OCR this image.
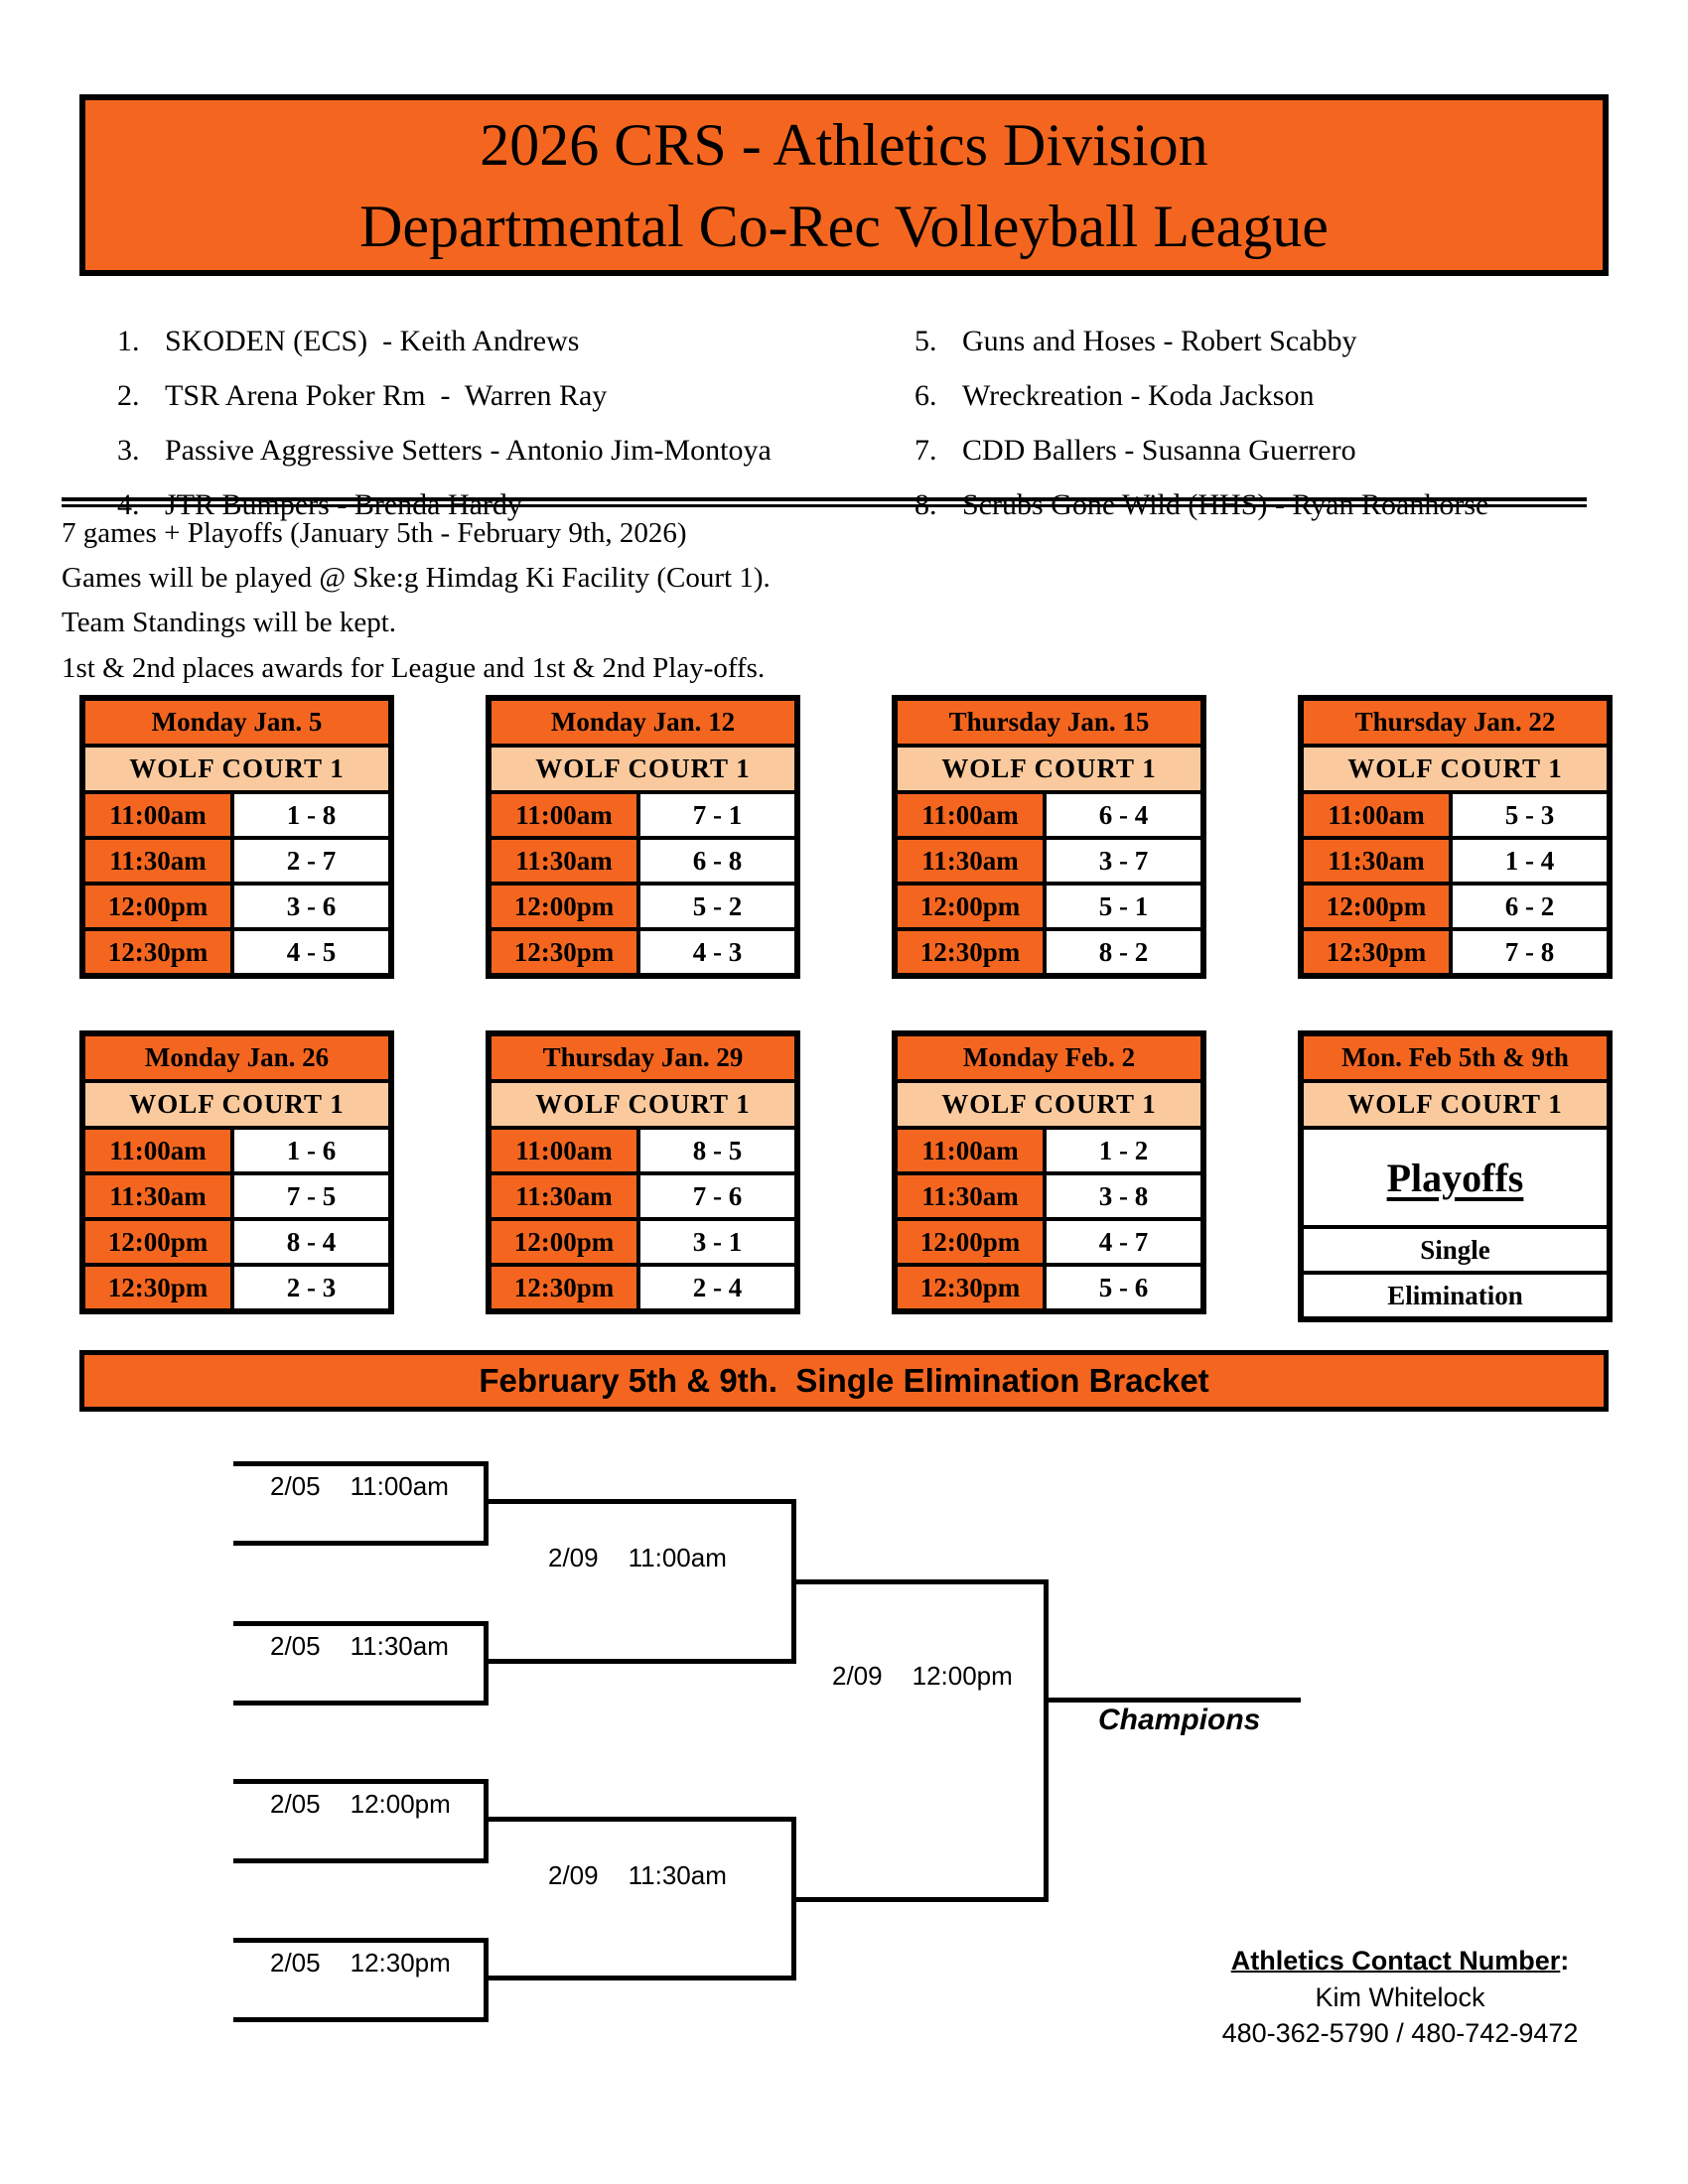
2026 CRS - Athletics Division
Departmental Co-Rec Volleyball League

1. SKODEN (ECS)  - Keith Andrews

2. TSR Arena Poker Rm  -  Warren Ray

3. Passive Aggressive Setters - Antonio Jim-Montoya

4. JTR Bumpers - Brenda Hardy

5. Guns and Hoses - Robert Scabby

6. Wreckreation - Koda Jackson

7. CDD Ballers - Susanna Guerrero

8. Scrubs Gone Wild (HHS) - Ryan Roanhorse
7 games + Playoffs (January 5th - February 9th, 2026)
Games will be played @ Ske:g Himdag Ki Facility (Court 1).
Team Standings will be kept.
1st & 2nd places awards for League and 1st & 2nd Play-offs.
Monday Jan. 5
WOLF COURT 1
11:00am	1 - 8
11:30am	2 - 7
12:00pm	3 - 6
12:30pm	4 - 5
Monday Jan. 12
WOLF COURT 1
11:00am	7 - 1
11:30am	6 - 8
12:00pm	5 - 2
12:30pm	4 - 3
Thursday Jan. 15
WOLF COURT 1
11:00am	6 - 4
11:30am	3 - 7
12:00pm	5 - 1
12:30pm	8 - 2
Thursday Jan. 22
WOLF COURT 1
11:00am	5 - 3
11:30am	1 - 4
12:00pm	6 - 2
12:30pm	7 - 8
Monday Jan. 26
WOLF COURT 1
11:00am	1 - 6
11:30am	7 - 5
12:00pm	8 - 4
12:30pm	2 - 3
Thursday Jan. 29
WOLF COURT 1
11:00am	8 - 5
11:30am	7 - 6
12:00pm	3 - 1
12:30pm	2 - 4
Monday Feb. 2
WOLF COURT 1
11:00am	1 - 2
11:30am	3 - 8
12:00pm	4 - 7
12:30pm	5 - 6
Mon. Feb 5th & 9th
WOLF COURT 1
Playoffs
Single
Elimination
February 5th & 9th.  Single Elimination Bracket
2/05 11:00am
2/05 11:30am
2/05 12:00pm
2/05 12:30pm
2/09 11:00am
2/09 11:30am
2/09 12:00pm
Champions
Athletics Contact Number:
Kim Whitelock
480-362-5790 / 480-742-9472
